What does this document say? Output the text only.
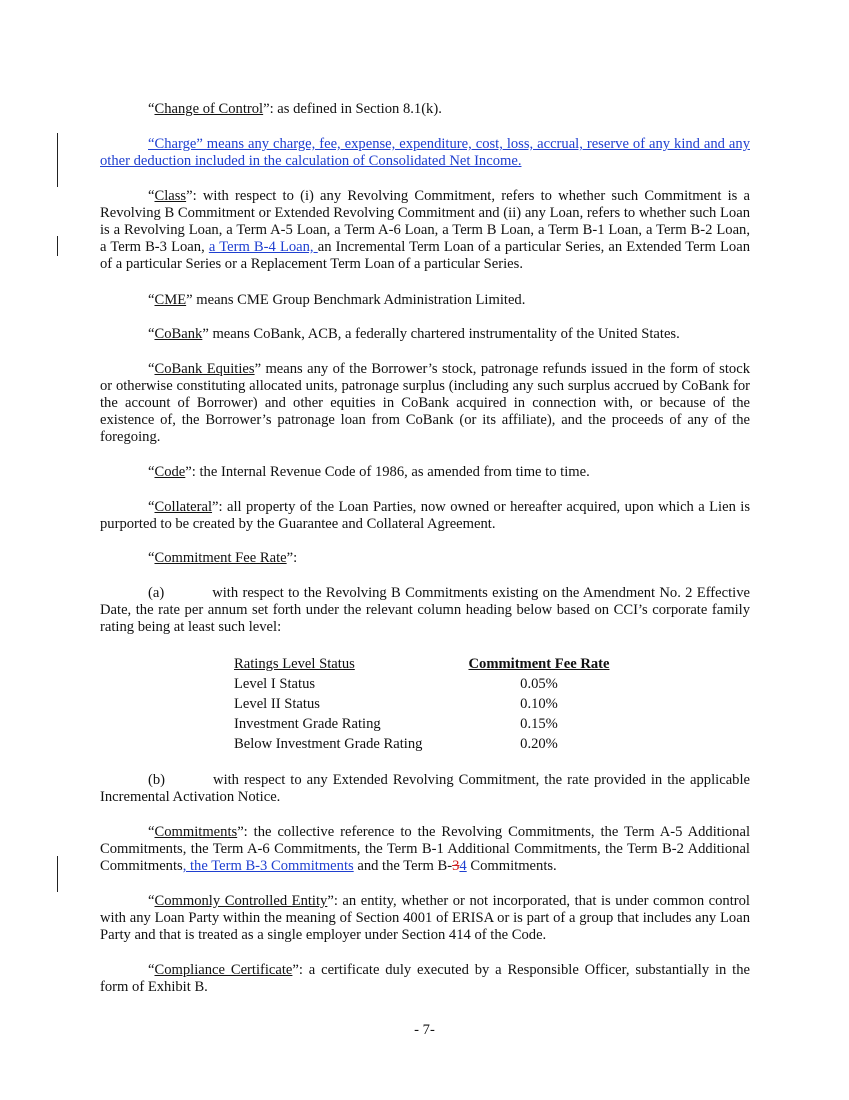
“Change of Control”: as defined in Section 8.1(k).
“Charge” means any charge, fee, expense, expenditure, cost, loss, accrual, reserve of any kind and any other deduction included in the calculation of Consolidated Net Income.
“Class”: with respect to (i) any Revolving Commitment, refers to whether such Commitment is a Revolving B Commitment or Extended Revolving Commitment and (ii) any Loan, refers to whether such Loan is a Revolving Loan, a Term A-5 Loan, a Term A-6 Loan, a Term B Loan, a Term B-1 Loan, a Term B-2 Loan, a Term B-3 Loan, a Term B-4 Loan, an Incremental Term Loan of a particular Series, an Extended Term Loan of a particular Series or a Replacement Term Loan of a particular Series.
“CME” means CME Group Benchmark Administration Limited.
“CoBank” means CoBank, ACB, a federally chartered instrumentality of the United States.
“CoBank Equities” means any of the Borrower’s stock, patronage refunds issued in the form of stock or otherwise constituting allocated units, patronage surplus (including any such surplus accrued by CoBank for the account of Borrower) and other equities in CoBank acquired in connection with, or because of the existence of, the Borrower’s patronage loan from CoBank (or its affiliate), and the proceeds of any of the foregoing.
“Code”: the Internal Revenue Code of 1986, as amended from time to time.
“Collateral”: all property of the Loan Parties, now owned or hereafter acquired, upon which a Lien is purported to be created by the Guarantee and Collateral Agreement.
“Commitment Fee Rate”:
(a)	with respect to the Revolving B Commitments existing on the Amendment No. 2 Effective Date, the rate per annum set forth under the relevant column heading below based on CCI’s corporate family rating being at least such level:
Ratings Level Status	Commitment Fee Rate
Level I Status	0.05%
Level II Status	0.10%
Investment Grade Rating	0.15%
Below Investment Grade Rating	0.20%
(b)	with respect to any Extended Revolving Commitment, the rate provided in the applicable Incremental Activation Notice.
“Commitments”: the collective reference to the Revolving Commitments, the Term A-5 Additional Commitments, the Term A-6 Commitments, the Term B-1 Additional Commitments, the Term B-2 Additional Commitments, the Term B-3 Commitments and the Term B-34 Commitments.
“Commonly Controlled Entity”: an entity, whether or not incorporated, that is under common control with any Loan Party within the meaning of Section 4001 of ERISA or is part of a group that includes any Loan Party and that is treated as a single employer under Section 414 of the Code.
“Compliance Certificate”: a certificate duly executed by a Responsible Officer, substantially in the form of Exhibit B.
- 7-
